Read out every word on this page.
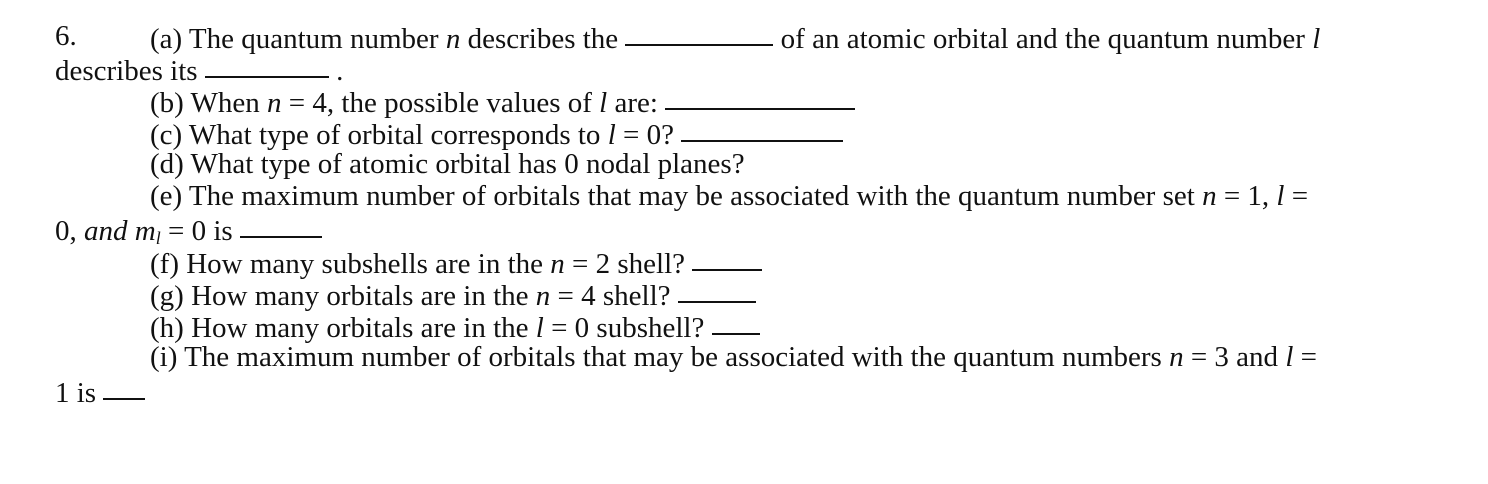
6.	(a) The quantum number n describes the	of an atomic orbital and the quantum number l
describes its	.
(b) When n = 4, the possible values of l are:
(c) What type of orbital corresponds to l = 0?
(d) What type of atomic orbital has 0 nodal planes?
(e) The maximum number of orbitals that may be associated with the quantum number set n = 1, l =
0, and $m_l = 0$ is
(f) How many subshells are in the n = 2 shell?
(g) How many orbitals are in the n = 4 shell?
(h) How many orbitals are in the l = 0 subshell?
(i) The maximum number of orbitals that may be associated with the quantum numbers n = 3 and l =
1 is
